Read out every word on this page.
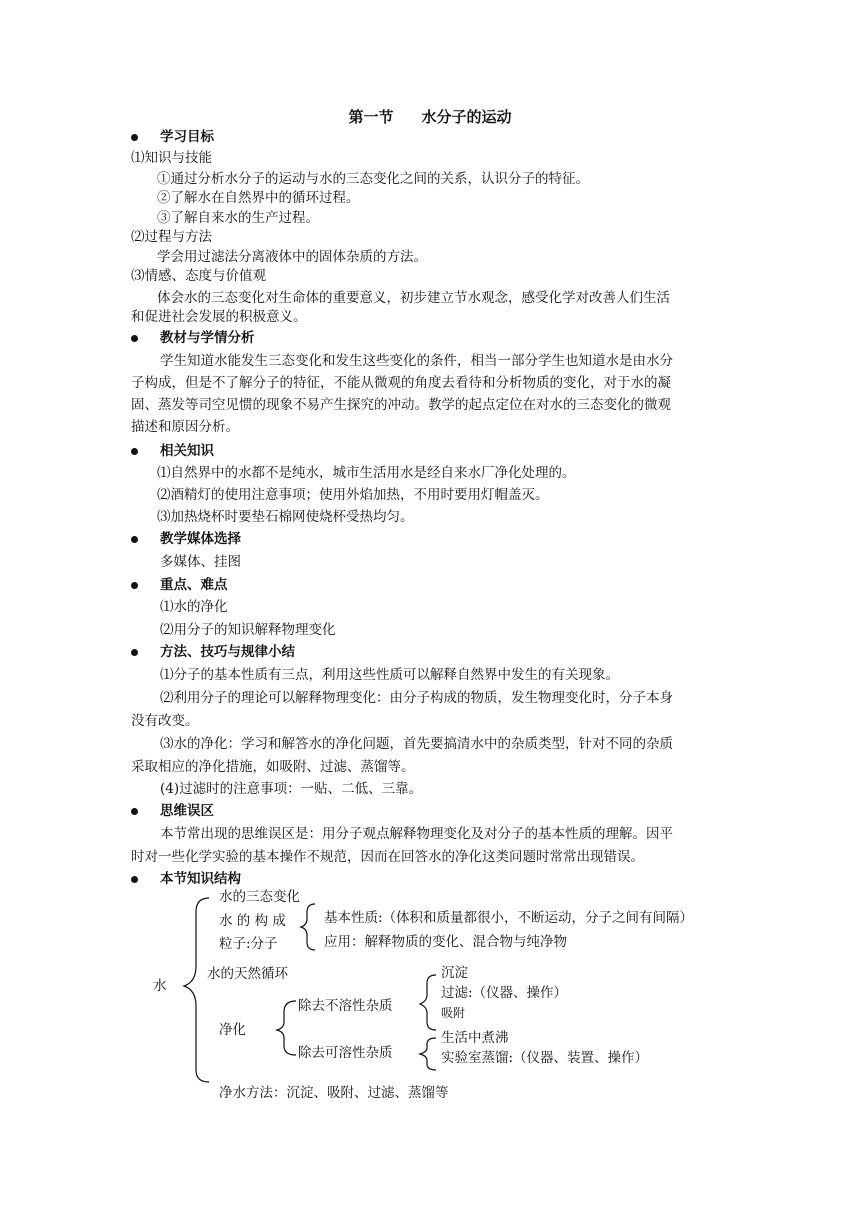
第一节 水分子的运动
学习目标
⑴知识与技能
①通过分析水分子的运动与水的三态变化之间的关系，认识分子的特征。
②了解水在自然界中的循环过程。
③了解自来水的生产过程。
⑵过程与方法
学会用过滤法分离液体中的固体杂质的方法。
⑶情感、态度与价值观
体会水的三态变化对生命体的重要意义，初步建立节水观念，感受化学对改善人们生活
和促进社会发展的积极意义。
教材与学情分析
学生知道水能发生三态变化和发生这些变化的条件，相当一部分学生也知道水是由水分
子构成，但是不了解分子的特征，不能从微观的角度去看待和分析物质的变化，对于水的凝
固、蒸发等司空见惯的现象不易产生探究的冲动。教学的起点定位在对水的三态变化的微观
描述和原因分析。
相关知识
⑴自然界中的水都不是纯水，城市生活用水是经自来水厂净化处理的。
⑵酒精灯的使用注意事项；使用外焰加热，不用时要用灯帽盖灭。
⑶加热烧杯时要垫石棉网使烧杯受热均匀。
教学媒体选择
多媒体、挂图
重点、难点
⑴水的净化
⑵用分子的知识解释物理变化
方法、技巧与规律小结
⑴分子的基本性质有三点，利用这些性质可以解释自然界中发生的有关现象。
⑵利用分子的理论可以解释物理变化：由分子构成的物质，发生物理变化时，分子本身
没有改变。
⑶水的净化：学习和解答水的净化问题，首先要搞清水中的杂质类型，针对不同的杂质
采取相应的净化措施，如吸附、过滤、蒸馏等。
(4)过滤时的注意事项：一贴、二低、三靠。
思维误区
本节常出现的思维误区是：用分子观点解释物理变化及对分子的基本性质的理解。因平
时对一些化学实验的基本操作不规范，因而在回答水的净化这类问题时常常出现错误。
本节知识结构
水
水的三态变化
水 的 构 成
粒子:分子
基本性质:（体积和质量都很小，不断运动，分子之间有间隔）
应用：解释物质的变化、混合物与纯净物
水的天然循环
净化
除去不溶性杂质
沉淀
过滤:（仪器、操作）
吸附
除去可溶性杂质
生活中煮沸
实验室蒸馏:（仪器、装置、操作）
净水方法：沉淀、吸附、过滤、蒸馏等
